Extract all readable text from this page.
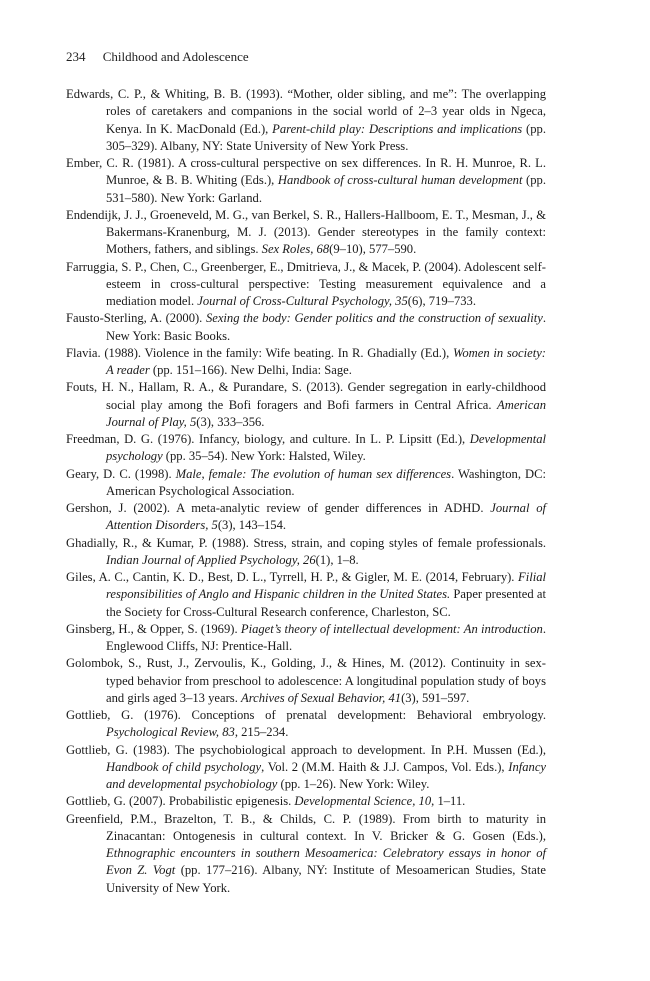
234 Childhood and Adolescence
Edwards, C. P., & Whiting, B. B. (1993). “Mother, older sibling, and me”: The overlapping roles of caretakers and companions in the social world of 2–3 year olds in Ngeca, Kenya. In K. MacDonald (Ed.), Parent-child play: Descriptions and implications (pp. 305–329). Albany, NY: State University of New York Press.
Ember, C. R. (1981). A cross-cultural perspective on sex differences. In R. H. Munroe, R. L. Munroe, & B. B. Whiting (Eds.), Handbook of cross-cultural human development (pp. 531–580). New York: Garland.
Endendijk, J. J., Groeneveld, M. G., van Berkel, S. R., Hallers-Hallboom, E. T., Mesman, J., & Bakermans-Kranenburg, M. J. (2013). Gender stereotypes in the family context: Mothers, fathers, and siblings. Sex Roles, 68(9–10), 577–590.
Farruggia, S. P., Chen, C., Greenberger, E., Dmitrieva, J., & Macek, P. (2004). Adolescent self-esteem in cross-cultural perspective: Testing measurement equivalence and a mediation model. Journal of Cross-Cultural Psychology, 35(6), 719–733.
Fausto-Sterling, A. (2000). Sexing the body: Gender politics and the construction of sexuality. New York: Basic Books.
Flavia. (1988). Violence in the family: Wife beating. In R. Ghadially (Ed.), Women in society: A reader (pp. 151–166). New Delhi, India: Sage.
Fouts, H. N., Hallam, R. A., & Purandare, S. (2013). Gender segregation in early-childhood social play among the Bofi foragers and Bofi farmers in Central Africa. American Journal of Play, 5(3), 333–356.
Freedman, D. G. (1976). Infancy, biology, and culture. In L. P. Lipsitt (Ed.), Developmental psychology (pp. 35–54). New York: Halsted, Wiley.
Geary, D. C. (1998). Male, female: The evolution of human sex differences. Washington, DC: American Psychological Association.
Gershon, J. (2002). A meta-analytic review of gender differences in ADHD. Journal of Attention Disorders, 5(3), 143–154.
Ghadially, R., & Kumar, P. (1988). Stress, strain, and coping styles of female professionals. Indian Journal of Applied Psychology, 26(1), 1–8.
Giles, A. C., Cantin, K. D., Best, D. L., Tyrrell, H. P., & Gigler, M. E. (2014, February). Filial responsibilities of Anglo and Hispanic children in the United States. Paper presented at the Society for Cross-Cultural Research conference, Charleston, SC.
Ginsberg, H., & Opper, S. (1969). Piaget’s theory of intellectual development: An introduction. Englewood Cliffs, NJ: Prentice-Hall.
Golombok, S., Rust, J., Zervoulis, K., Golding, J., & Hines, M. (2012). Continuity in sex-typed behavior from preschool to adolescence: A longitudinal population study of boys and girls aged 3–13 years. Archives of Sexual Behavior, 41(3), 591–597.
Gottlieb, G. (1976). Conceptions of prenatal development: Behavioral embryology. Psychological Review, 83, 215–234.
Gottlieb, G. (1983). The psychobiological approach to development. In P.H. Mussen (Ed.), Handbook of child psychology, Vol. 2 (M.M. Haith & J.J. Campos, Vol. Eds.), Infancy and developmental psychobiology (pp. 1–26). New York: Wiley.
Gottlieb, G. (2007). Probabilistic epigenesis. Developmental Science, 10, 1–11.
Greenfield, P.M., Brazelton, T. B., & Childs, C. P. (1989). From birth to maturity in Zinacantan: Ontogenesis in cultural context. In V. Bricker & G. Gosen (Eds.), Ethnographic encounters in southern Mesoamerica: Celebratory essays in honor of Evon Z. Vogt (pp. 177–216). Albany, NY: Institute of Mesoamerican Studies, State University of New York.
